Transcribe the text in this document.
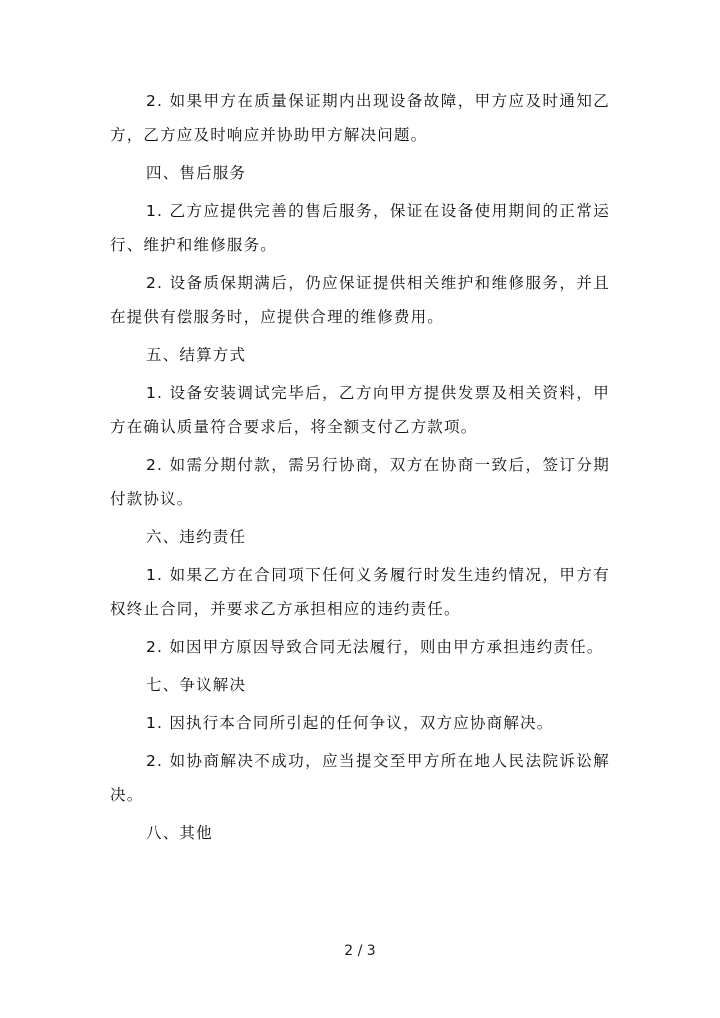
2. 如果甲方在质量保证期内出现设备故障，甲方应及时通知乙方，乙方应及时响应并协助甲方解决问题。

四、售后服务

1. 乙方应提供完善的售后服务，保证在设备使用期间的正常运行、维护和维修服务。

2. 设备质保期满后，仍应保证提供相关维护和维修服务，并且在提供有偿服务时，应提供合理的维修费用。

五、结算方式

1. 设备安装调试完毕后，乙方向甲方提供发票及相关资料，甲方在确认质量符合要求后，将全额支付乙方款项。

2. 如需分期付款，需另行协商，双方在协商一致后，签订分期付款协议。

六、违约责任

1. 如果乙方在合同项下任何义务履行时发生违约情况，甲方有权终止合同，并要求乙方承担相应的违约责任。

2. 如因甲方原因导致合同无法履行，则由甲方承担违约责任。

七、争议解决

1. 因执行本合同所引起的任何争议，双方应协商解决。

2. 如协商解决不成功，应当提交至甲方所在地人民法院诉讼解决。

八、其他

2 / 3
